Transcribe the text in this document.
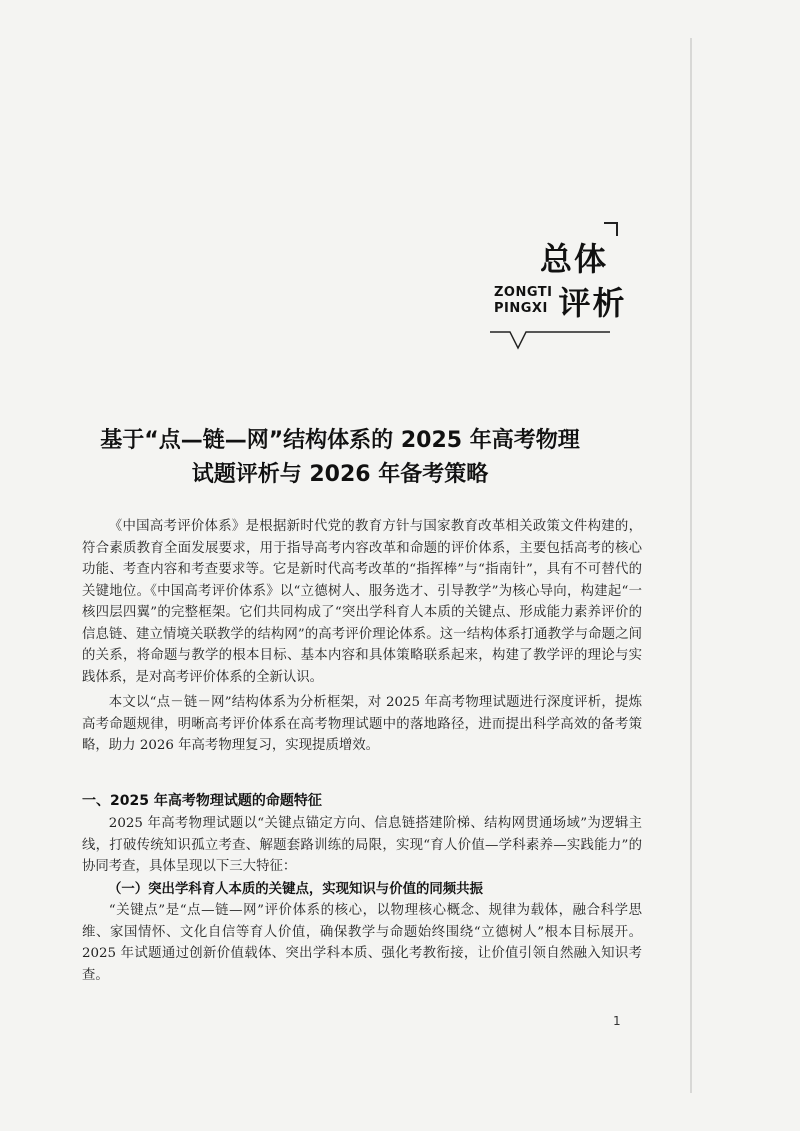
总体
ZONGTI
PINGXI 评析
基于“点—链—网”结构体系的 2025 年高考物理
试题评析与 2026 年备考策略

《中国高考评价体系》是根据新时代党的教育方针与国家教育改革相关政策文件构建的，符合素质教育全面发展要求，用于指导高考内容改革和命题的评价体系，主要包括高考的核心功能、考查内容和考查要求等。它是新时代高考改革的“指挥棒”与“指南针”，具有不可替代的关键地位。《中国高考评价体系》以“立德树人、服务选才、引导教学”为核心导向，构建起“一核四层四翼”的完整框架。它们共同构成了“突出学科育人本质的关键点、形成能力素养评价的信息链、建立情境关联教学的结构网”的高考评价理论体系。这一结构体系打通教学与命题之间的关系，将命题与教学的根本目标、基本内容和具体策略联系起来，构建了教学评的理论与实践体系，是对高考评价体系的全新认识。

本文以“点－链－网”结构体系为分析框架，对 2025 年高考物理试题进行深度评析，提炼高考命题规律，明晰高考评价体系在高考物理试题中的落地路径，进而提出科学高效的备考策略，助力 2026 年高考物理复习，实现提质增效。

一、2025 年高考物理试题的命题特征

2025 年高考物理试题以“关键点锚定方向、信息链搭建阶梯、结构网贯通场域”为逻辑主线，打破传统知识孤立考查、解题套路训练的局限，实现“育人价值—学科素养—实践能力”的协同考查，具体呈现以下三大特征：

（一）突出学科育人本质的关键点，实现知识与价值的同频共振

“关键点”是“点—链—网”评价体系的核心，以物理核心概念、规律为载体，融合科学思维、家国情怀、文化自信等育人价值，确保教学与命题始终围绕“立德树人”根本目标展开。2025 年试题通过创新价值载体、突出学科本质、强化考教衔接，让价值引领自然融入知识考查。

1
